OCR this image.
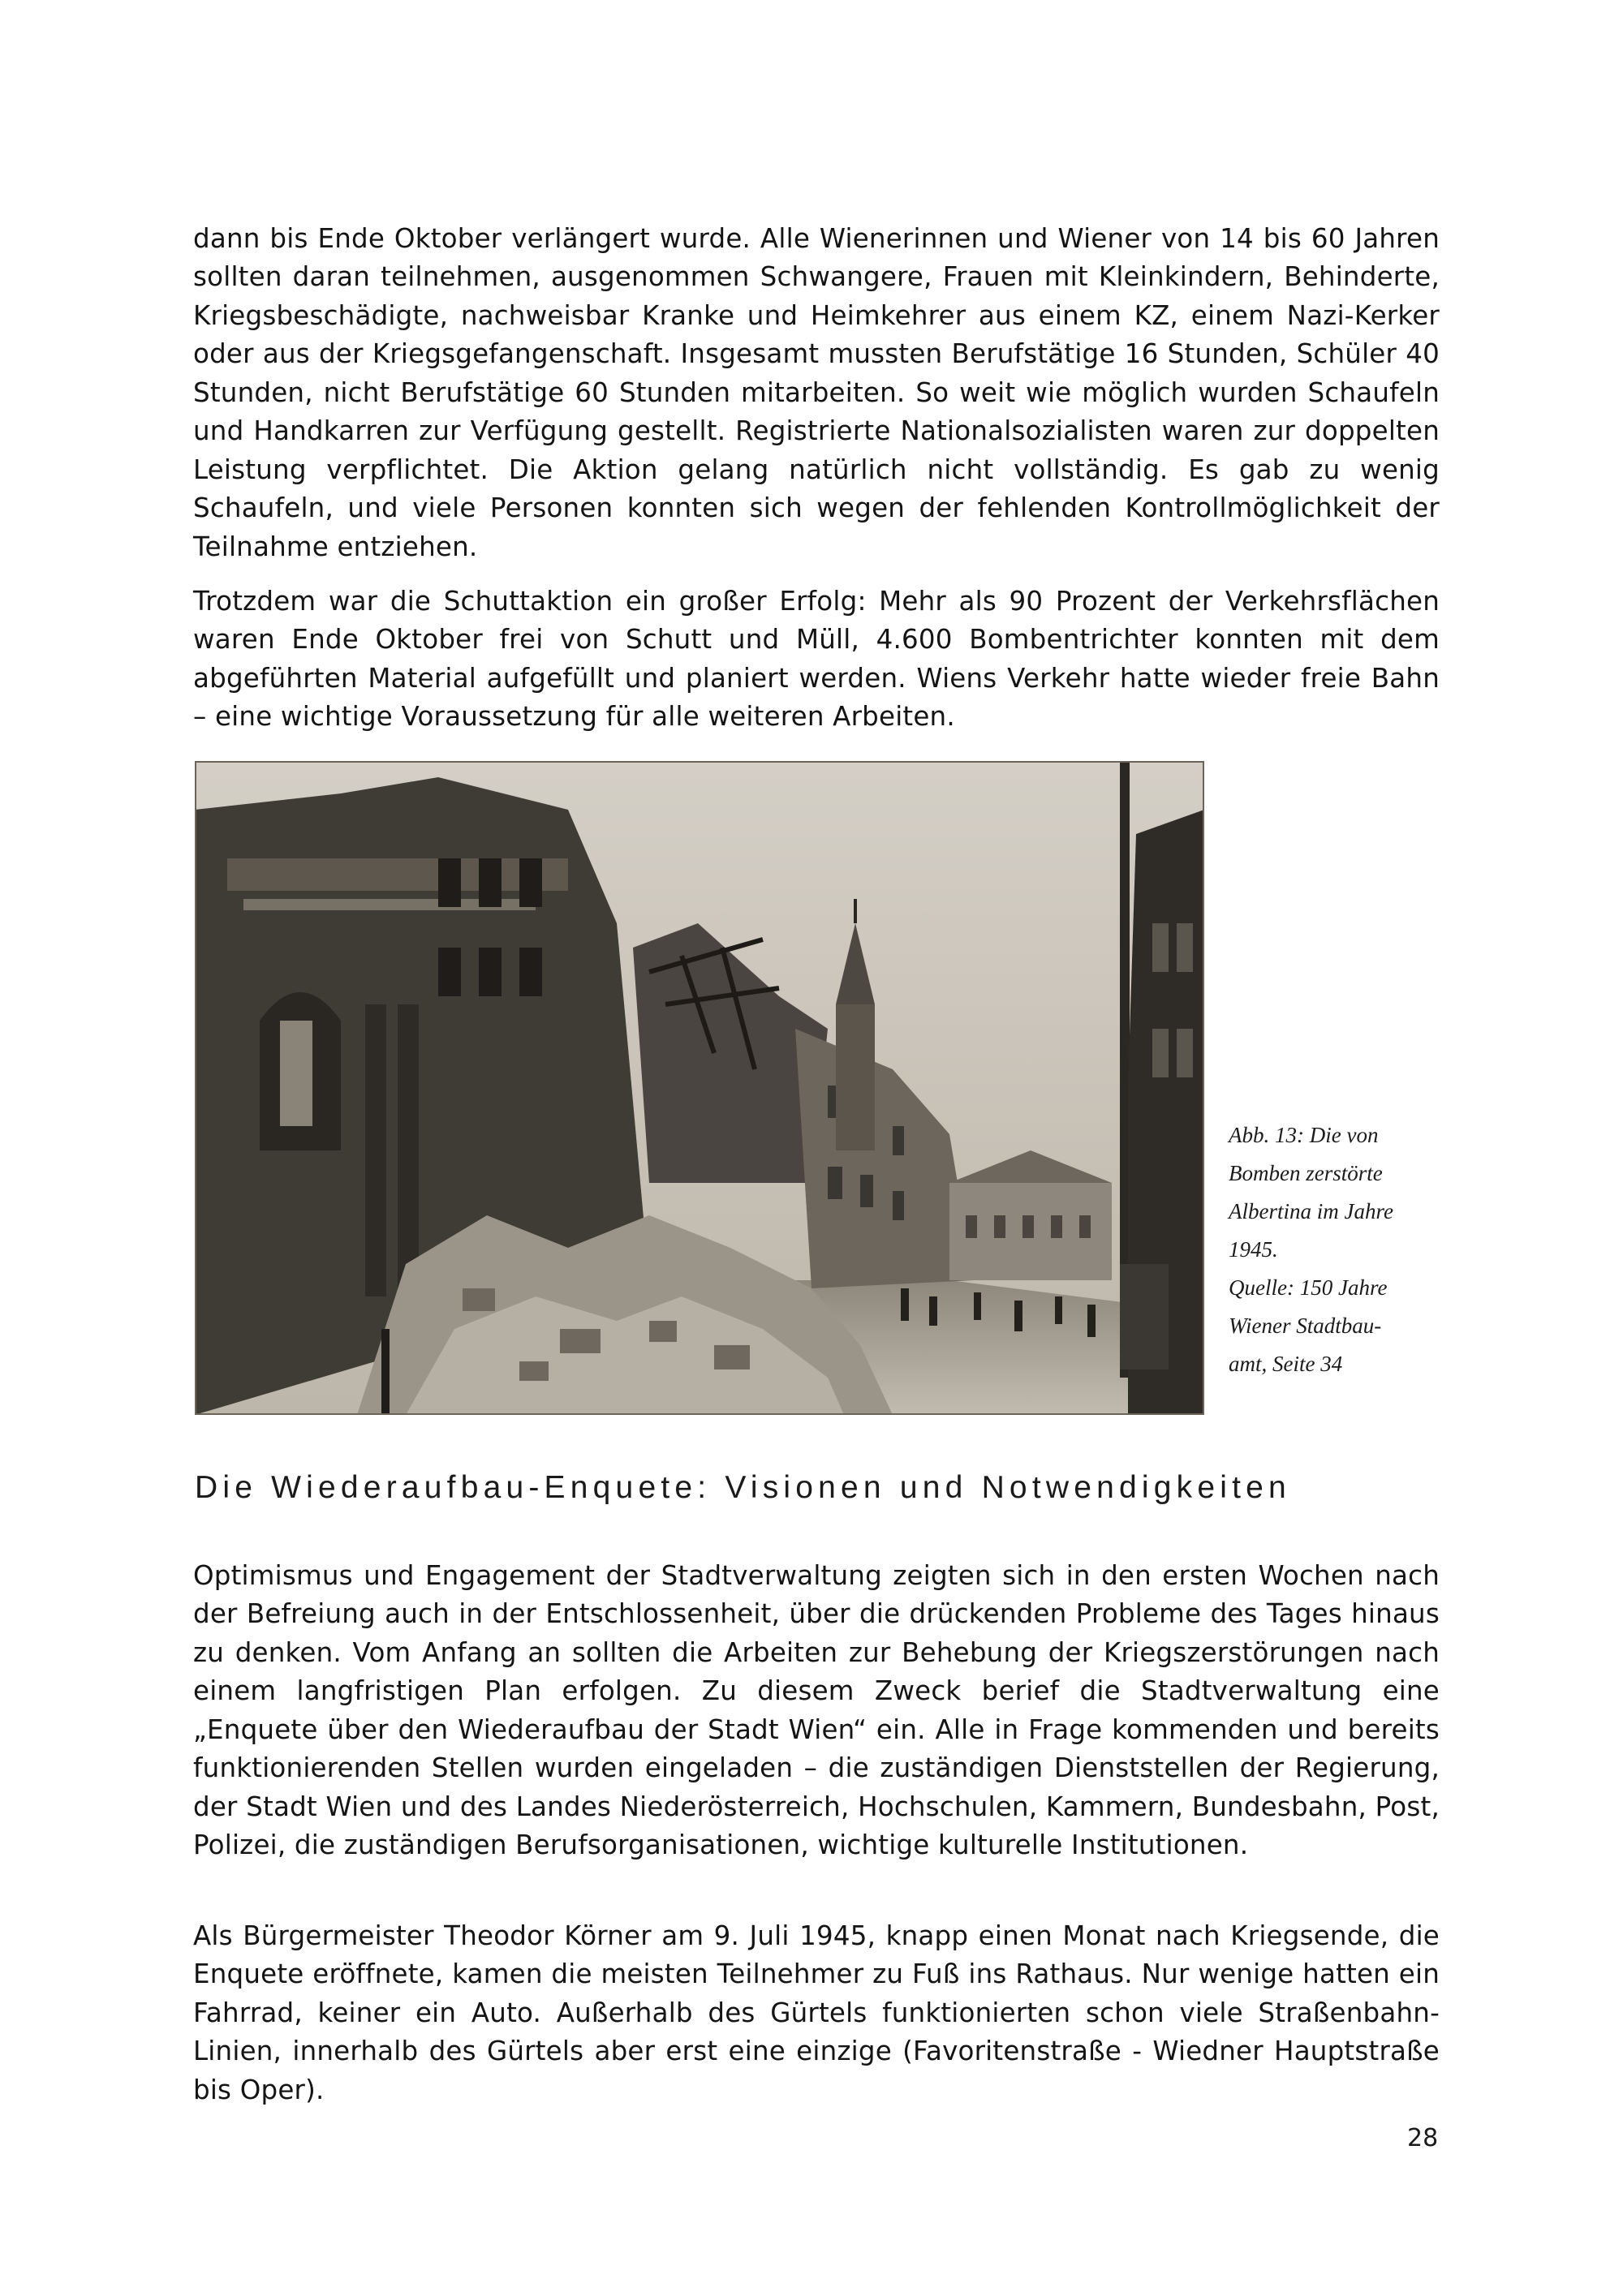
dann bis Ende Oktober verlängert wurde. Alle Wienerinnen und Wiener von 14 bis 60 Jahren sollten daran teilnehmen, ausgenommen Schwangere, Frauen mit Kleinkindern, Behinderte, Kriegsbeschädigte, nachweisbar Kranke und Heimkehrer aus einem KZ, einem Nazi-Kerker oder aus der Kriegsgefangenschaft. Insgesamt mussten Berufstätige 16 Stunden, Schüler 40 Stunden, nicht Berufstätige 60 Stunden mitarbeiten. So weit wie möglich wurden Schaufeln und Handkarren zur Verfügung gestellt. Registrierte Nationalsozialisten waren zur doppelten Leistung verpflichtet. Die Aktion gelang natürlich nicht vollständig. Es gab zu wenig Schaufeln, und viele Personen konnten sich wegen der fehlenden Kontrollmöglichkeit der Teilnahme entziehen.

Trotzdem war die Schuttaktion ein großer Erfolg: Mehr als 90 Prozent der Verkehrsflächen waren Ende Oktober frei von Schutt und Müll, 4.600 Bombentrichter konnten mit dem abgeführten Material aufgefüllt und planiert werden. Wiens Verkehr hatte wieder freie Bahn – eine wichtige Voraussetzung für alle weiteren Arbeiten.

Abb. 13: Die von
Bomben zerstörte
Albertina im Jahre
1945.
Quelle: 150 Jahre
Wiener Stadtbau-
amt, Seite 34
Die Wiederaufbau-Enquete: Visionen und Notwendigkeiten

Optimismus und Engagement der Stadtverwaltung zeigten sich in den ersten Wochen nach der Befreiung auch in der Entschlossenheit, über die drückenden Probleme des Tages hinaus zu denken. Vom Anfang an sollten die Arbeiten zur Behebung der Kriegszerstörungen nach einem langfristigen Plan erfolgen. Zu diesem Zweck berief die Stadtverwaltung eine „Enquete über den Wiederaufbau der Stadt Wien“ ein. Alle in Frage kommenden und bereits funktionierenden Stellen wurden eingeladen – die zuständigen Dienststellen der Regierung, der Stadt Wien und des Landes Niederösterreich, Hochschulen, Kammern, Bundesbahn, Post, Polizei, die zuständigen Berufsorganisationen, wichtige kulturelle Institutionen.

Als Bürgermeister Theodor Körner am 9. Juli 1945, knapp einen Monat nach Kriegsende, die Enquete eröffnete, kamen die meisten Teilnehmer zu Fuß ins Rathaus. Nur wenige hatten ein Fahrrad, keiner ein Auto. Außerhalb des Gürtels funktionierten schon viele Straßenbahn-Linien, innerhalb des Gürtels aber erst eine einzige (Favoritenstraße - Wiedner Hauptstraße bis Oper).

28
